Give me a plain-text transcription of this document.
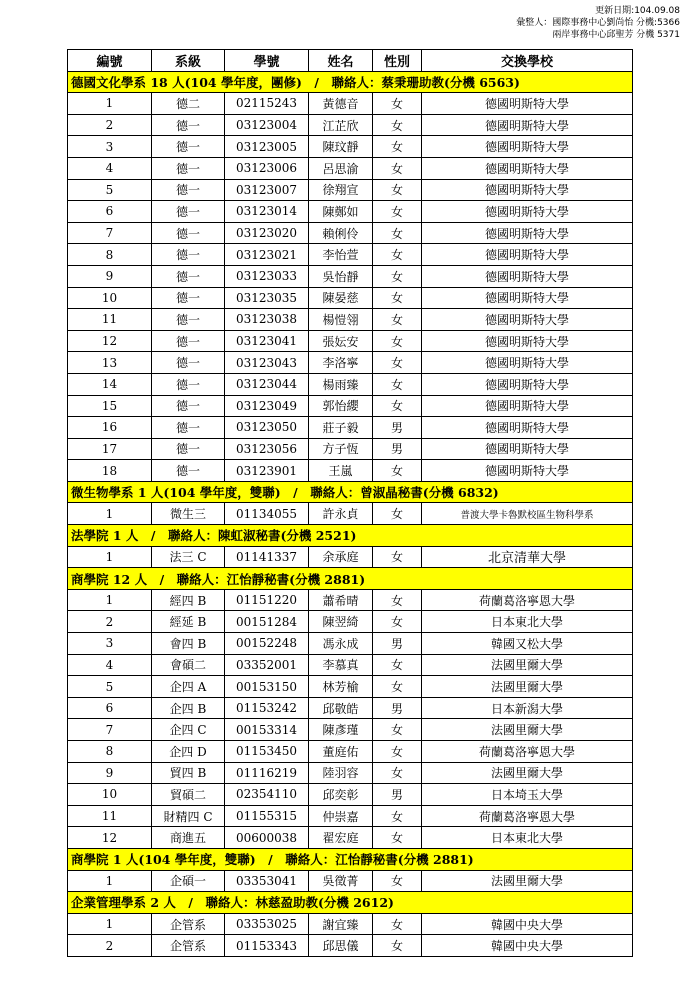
更新日期:104.09.08
彙整人：國際事務中心劉尚怡 分機:5366
兩岸事務中心邱聖芳 分機 5371
編號	系級	學號	姓名	性別	交換學校
德國文化學系 18 人(104 學年度，團修)　/　聯絡人：蔡秉珊助教(分機 6563)					
1	德二	02115243	黃德音	女	德國明斯特大學
2	德一	03123004	江芷欣	女	德國明斯特大學
3	德一	03123005	陳玟靜	女	德國明斯特大學
4	德一	03123006	呂思渝	女	德國明斯特大學
5	德一	03123007	徐翔宣	女	德國明斯特大學
6	德一	03123014	陳鄭如	女	德國明斯特大學
7	德一	03123020	賴俐伶	女	德國明斯特大學
8	德一	03123021	李怡萱	女	德國明斯特大學
9	德一	03123033	吳怡靜	女	德國明斯特大學
10	德一	03123035	陳晏慈	女	德國明斯特大學
11	德一	03123038	楊愷翎	女	德國明斯特大學
12	德一	03123041	張妘安	女	德國明斯特大學
13	德一	03123043	李洛寧	女	德國明斯特大學
14	德一	03123044	楊雨臻	女	德國明斯特大學
15	德一	03123049	郭怡纓	女	德國明斯特大學
16	德一	03123050	莊子毅	男	德國明斯特大學
17	德一	03123056	方子恆	男	德國明斯特大學
18	德一	03123901	王嵐	女	德國明斯特大學
微生物學系 1 人(104 學年度，雙聯)　/　聯絡人：曾淑晶秘書(分機 6832)					
1	微生三	01134055	許永貞	女	普渡大學卡魯默校區生物科學系
法學院 1 人　/　聯絡人：陳虹淑秘書(分機 2521)					
1	法三 C	01141337	余承庭	女	北京清華大學
商學院 12 人　/　聯絡人：江怡靜秘書(分機 2881)					
1	經四 B	01151220	蕭希晴	女	荷蘭葛洛寧恩大學
2	經延 B	00151284	陳翌綺	女	日本東北大學
3	會四 B	00152248	馮永成	男	韓國又松大學
4	會碩二	03352001	李慕真	女	法國里爾大學
5	企四 A	00153150	林芳榆	女	法國里爾大學
6	企四 B	01153242	邱敬皓	男	日本新潟大學
7	企四 C	00153314	陳彥瑾	女	法國里爾大學
8	企四 D	01153450	董庭佑	女	荷蘭葛洛寧恩大學
9	貿四 B	01116219	陸羽容	女	法國里爾大學
10	貿碩二	02354110	邱奕彰	男	日本埼玉大學
11	財精四 C	01155315	仲崇嘉	女	荷蘭葛洛寧恩大學
12	商進五	00600038	翟宏庭	女	日本東北大學
商學院 1 人(104 學年度，雙聯)　/　聯絡人：江怡靜秘書(分機 2881)					
1	企碩一	03353041	吳徵菁	女	法國里爾大學
企業管理學系 2 人　/　聯絡人：林慈盈助教(分機 2612)					
1	企管系	03353025	謝宜臻	女	韓國中央大學
2	企管系	01153343	邱思儀	女	韓國中央大學
